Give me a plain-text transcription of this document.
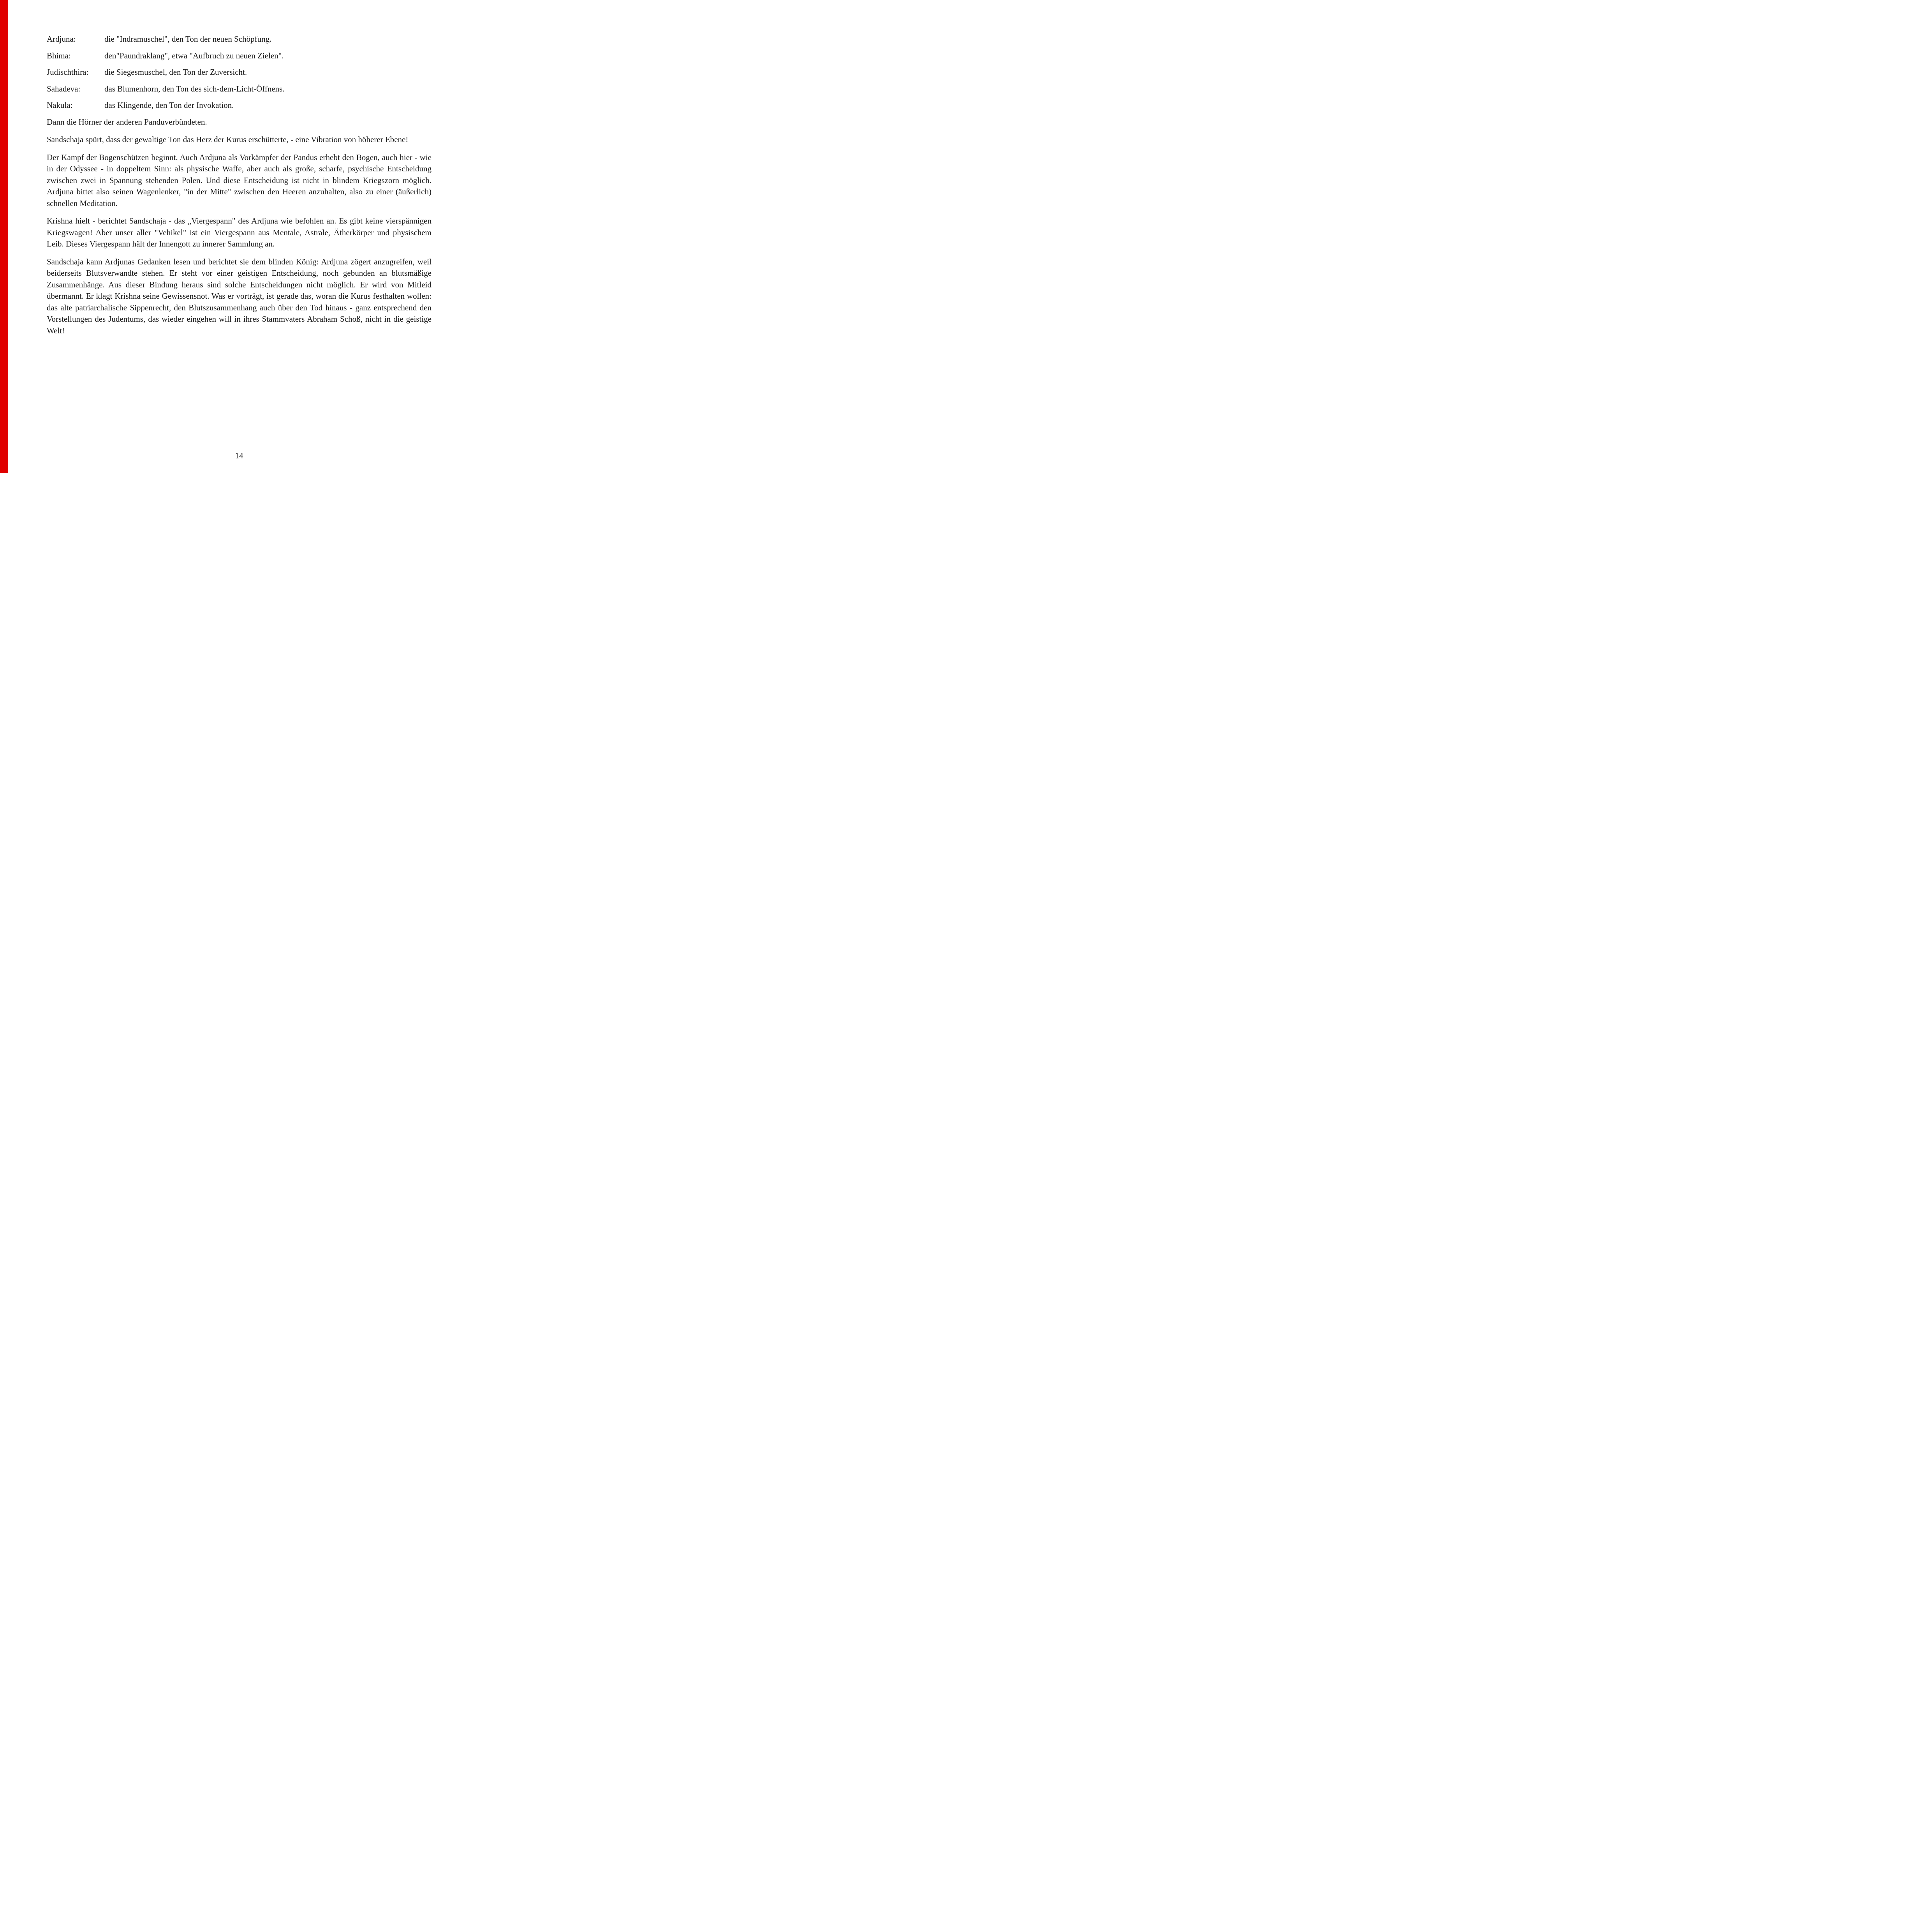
Ardjuna:	die "Indramuschel", den Ton der neuen Schöpfung.
Bhima:	den"Paundraklang", etwa "Aufbruch zu neuen Zielen".
Judischthira:	die Siegesmuschel, den Ton der Zuversicht.
Sahadeva:	das Blumenhorn, den Ton des sich-dem-Licht-Öffnens.
Nakula:	das Klingende, den Ton der Invokation.

Dann die Hörner der anderen Panduverbündeten.

Sandschaja spürt, dass der gewaltige Ton das Herz der Kurus erschütterte, - eine Vibration von höherer Ebene!

Der Kampf der Bogenschützen beginnt. Auch Ardjuna als Vorkämpfer der Pandus erhebt den Bogen, auch hier - wie in der Odyssee - in doppeltem Sinn: als physische Waffe, aber auch als große, scharfe, psychische Entscheidung zwischen zwei in Spannung stehenden Polen. Und diese Entscheidung ist nicht in blindem Kriegszorn möglich. Ardjuna bittet also seinen Wagenlenker, "in der Mitte" zwischen den Heeren anzuhalten, also zu einer (äußerlich) schnellen Meditation.

Krishna hielt - berichtet Sandschaja - das „Viergespann" des Ardjuna wie befohlen an. Es gibt keine vierspännigen Kriegswagen! Aber unser aller "Vehikel" ist ein Viergespann aus Mentale, Astrale, Ätherkörper und physischem Leib. Dieses Viergespann hält der Innengott zu innerer Sammlung an.

Sandschaja kann Ardjunas Gedanken lesen und berichtet sie dem blinden König: Ardjuna zögert anzugreifen, weil beiderseits Blutsverwandte stehen. Er steht vor einer geistigen Entscheidung, noch gebunden an blutsmäßige Zusammenhänge. Aus dieser Bindung heraus sind solche Entscheidungen nicht möglich. Er wird von Mitleid übermannt. Er klagt Krishna seine Gewissensnot. Was er vorträgt, ist gerade das, woran die Kurus festhalten wollen: das alte patriarchalische Sippenrecht, den Blutszusammenhang auch über den Tod hinaus - ganz entsprechend den Vorstellungen des Judentums, das wieder eingehen will in ihres Stammvaters Abraham Schoß, nicht in die geistige Welt!

14
